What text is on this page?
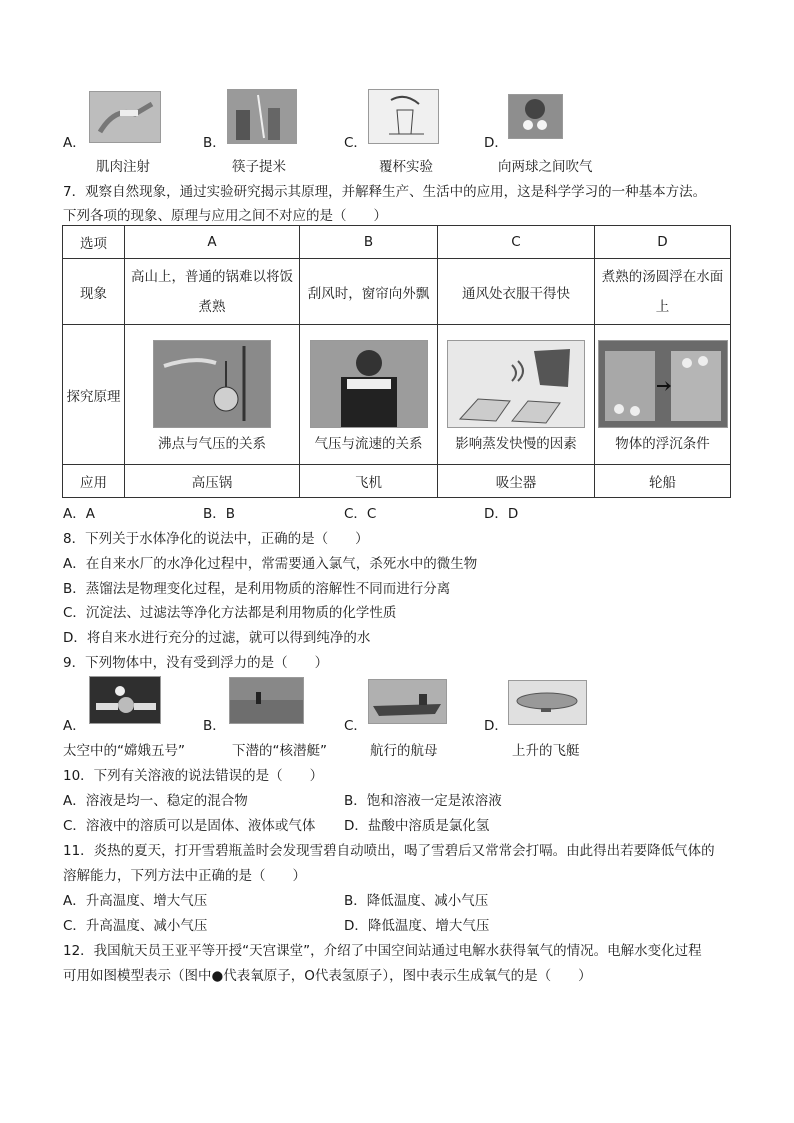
A．	B．	C．	D．
肌肉注射	筷子提米	覆杯实验	向两球之间吹气
7．观察自然现象，通过实验研究揭示其原理，并解释生产、生活中的应用，这是科学学习的一种基本方法。
下列各项的现象、原理与应用之间不对应的是（　　）
选项	A	B	C	D
现象	高山上，普通的锅难以将饭煮熟	刮风时，窗帘向外飘	通风处衣服干得快	煮熟的汤圆浮在水面上
探究原理	沸点与气压的关系	气压与流速的关系	影响蒸发快慢的因素	物体的浮沉条件

应用	高压锅	飞机	吸尘器	轮船
A．A	B．B	C．C	D．D
8．下列关于水体净化的说法中，正确的是（　　）
A．在自来水厂的水净化过程中，常需要通入氯气，杀死水中的微生物
B．蒸馏法是物理变化过程，是利用物质的溶解性不同而进行分离
C．沉淀法、过滤法等净化方法都是利用物质的化学性质
D．将自来水进行充分的过滤，就可以得到纯净的水
9．下列物体中，没有受到浮力的是（　　）
A．	B．	C．	D．
太空中的“嫦娥五号”	下潜的“核潜艇”	航行的航母	上升的飞艇
10．下列有关溶液的说法错误的是（　　）
A．溶液是均一、稳定的混合物	B．饱和溶液一定是浓溶液
C．溶液中的溶质可以是固体、液体或气体 D．盐酸中溶质是氯化氢
11．炎热的夏天，打开雪碧瓶盖时会发现雪碧自动喷出，喝了雪碧后又常常会打嗝。由此得出若要降低气体的
溶解能力，下列方法中正确的是（　　）
A．升高温度、增大气压	B．降低温度、减小气压
C．升高温度、减小气压	D．降低温度、增大气压
12．我国航天员王亚平等开授“天宫课堂”，介绍了中国空间站通过电解水获得氧气的情况。电解水变化过程
可用如图模型表示（图中●代表氧原子，O代表氢原子），图中表示生成氧气的是（　　）
